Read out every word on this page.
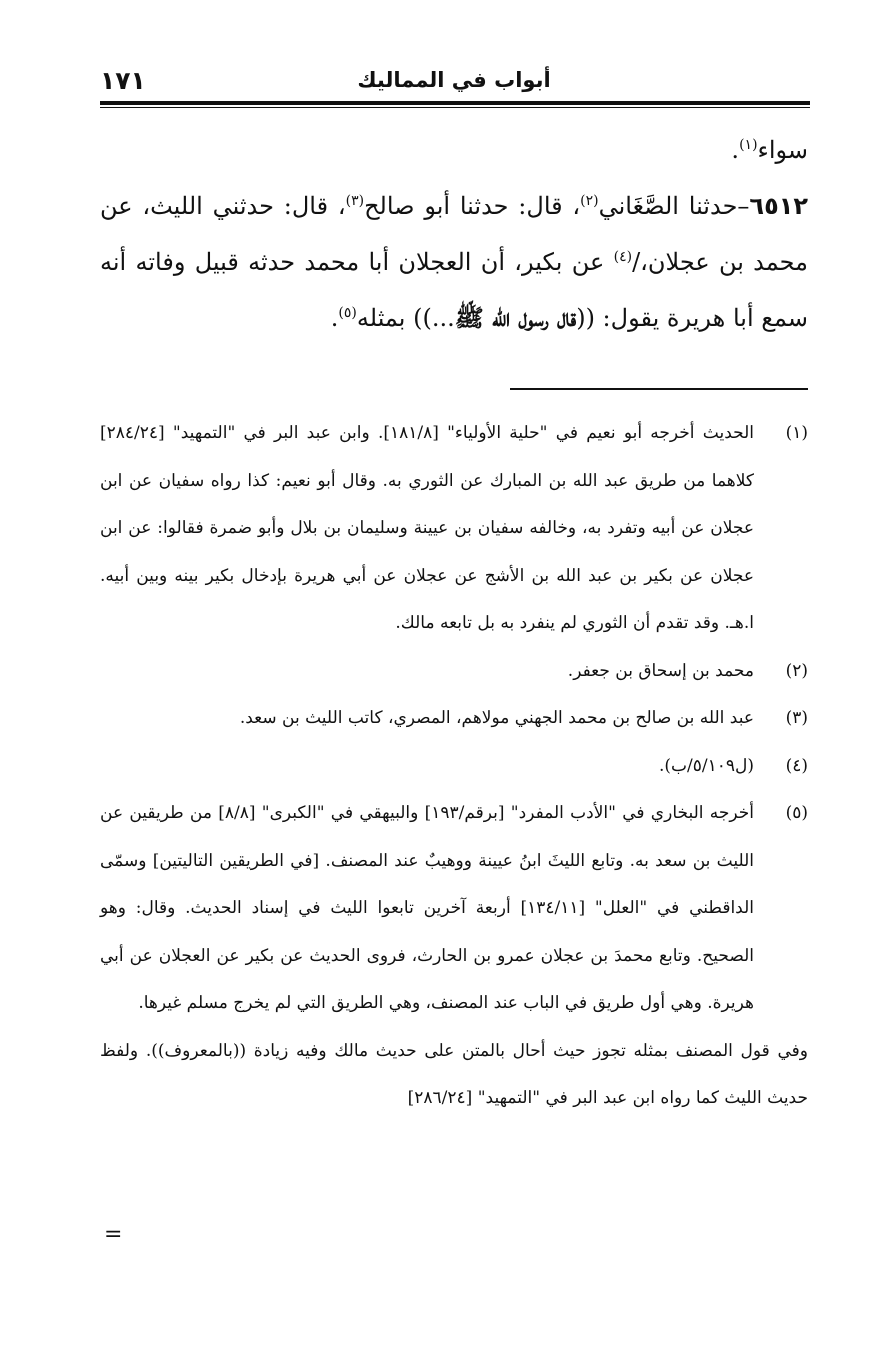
أبواب في المماليك
١٧١

سواء$^{(١)}$.

٦٥١٢–حدثنا الصَّغَاني$^{(٢)}$، قال: حدثنا أبو صالح$^{(٣)}$، قال: حدثني الليث، عن محمد بن عجلان،/$^{(٤)}$ عن بكير، أن العجلان أبا محمد حدثه قبيل وفاته أنه سمع أبا هريرة يقول: ((قال رسول الله ﷺ...)) بمثله$^{(٥)}$.

(١)
الحديث أخرجه أبو نعيم في "حلية الأولياء" [١٨١/٨]. وابن عبد البر في "التمهيد" [٢٨٤/٢٤] كلاهما من طريق عبد الله بن المبارك عن الثوري به. وقال أبو نعيم: كذا رواه سفيان عن ابن عجلان عن أبيه وتفرد به، وخالفه سفيان بن عيينة وسليمان بن بلال وأبو ضمرة فقالوا: عن ابن عجلان عن بكير بن عبد الله بن الأشج عن عجلان عن أبي هريرة بإدخال بكير بينه وبين أبيه. ا.هـ. وقد تقدم أن الثوري لم ينفرد به بل تابعه مالك.
(٢)
محمد بن إسحاق بن جعفر.
(٣)
عبد الله بن صالح بن محمد الجهني مولاهم، المصري، كاتب الليث بن سعد.
(٤)
(ل٥/١٠٩/ب).
(٥)
أخرجه البخاري في "الأدب المفرد" [برقم/١٩٣] والبيهقي في "الكبرى" [٨/٨] من طريقين عن الليث بن سعد به. وتابع الليثَ ابنُ عيينة ووهيبٌ عند المصنف. [في الطريقين التاليتين] وسمّى الداقطني في "العلل" [١٣٤/١١] أربعة آخرين تابعوا الليث في إسناد الحديث. وقال: وهو الصحيح. وتابع محمدَ بن عجلان عمرو بن الحارث، فروى الحديث عن بكير عن العجلان عن أبي هريرة. وهي أول طريق في الباب عند المصنف، وهي الطريق التي لم يخرج مسلم غيرها.

وفي قول المصنف بمثله تجوز حيث أحال بالمتن على حديث مالك وفيه زيادة ((بالمعروف)). ولفظ حديث الليث كما رواه ابن عبد البر في "التمهيد" [٢٨٦/٢٤]

=
